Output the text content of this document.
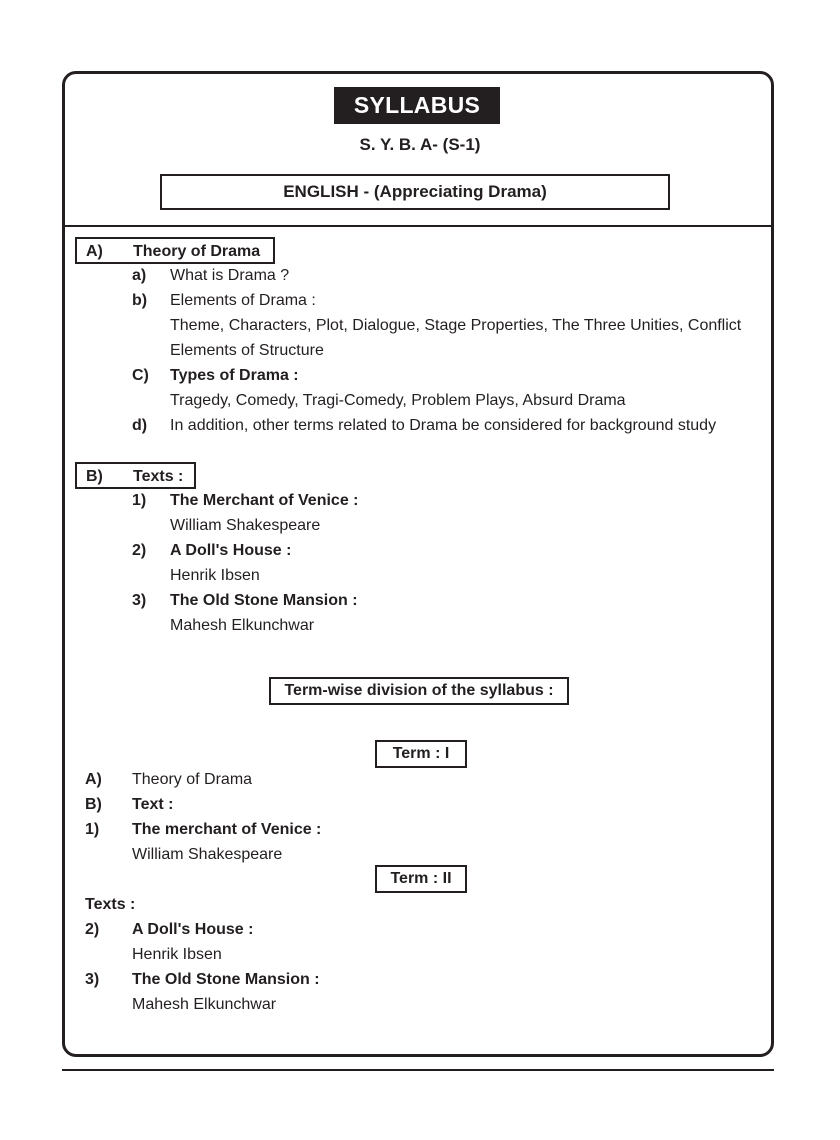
SYLLABUS
S. Y. B. A- (S-1)
ENGLISH - (Appreciating Drama)
A) Theory of Drama
a) What is Drama ?
b) Elements of Drama :
Theme, Characters, Plot, Dialogue, Stage Properties, The Three Unities, Conflict
Elements of Structure
C) Types of Drama :
Tragedy, Comedy, Tragi-Comedy, Problem Plays, Absurd Drama
d) In addition, other terms related to Drama be considered for background study
B) Texts :
1) The Merchant of Venice :
William Shakespeare
2) A Doll's House :
Henrik Ibsen
3) The Old Stone Mansion :
Mahesh Elkunchwar
Term-wise division of the syllabus :
Term : I
A) Theory of Drama
B) Text :
1) The merchant of Venice :
William Shakespeare
Term : II
Texts :
2) A Doll's House :
Henrik Ibsen
3) The Old Stone Mansion :
Mahesh Elkunchwar
